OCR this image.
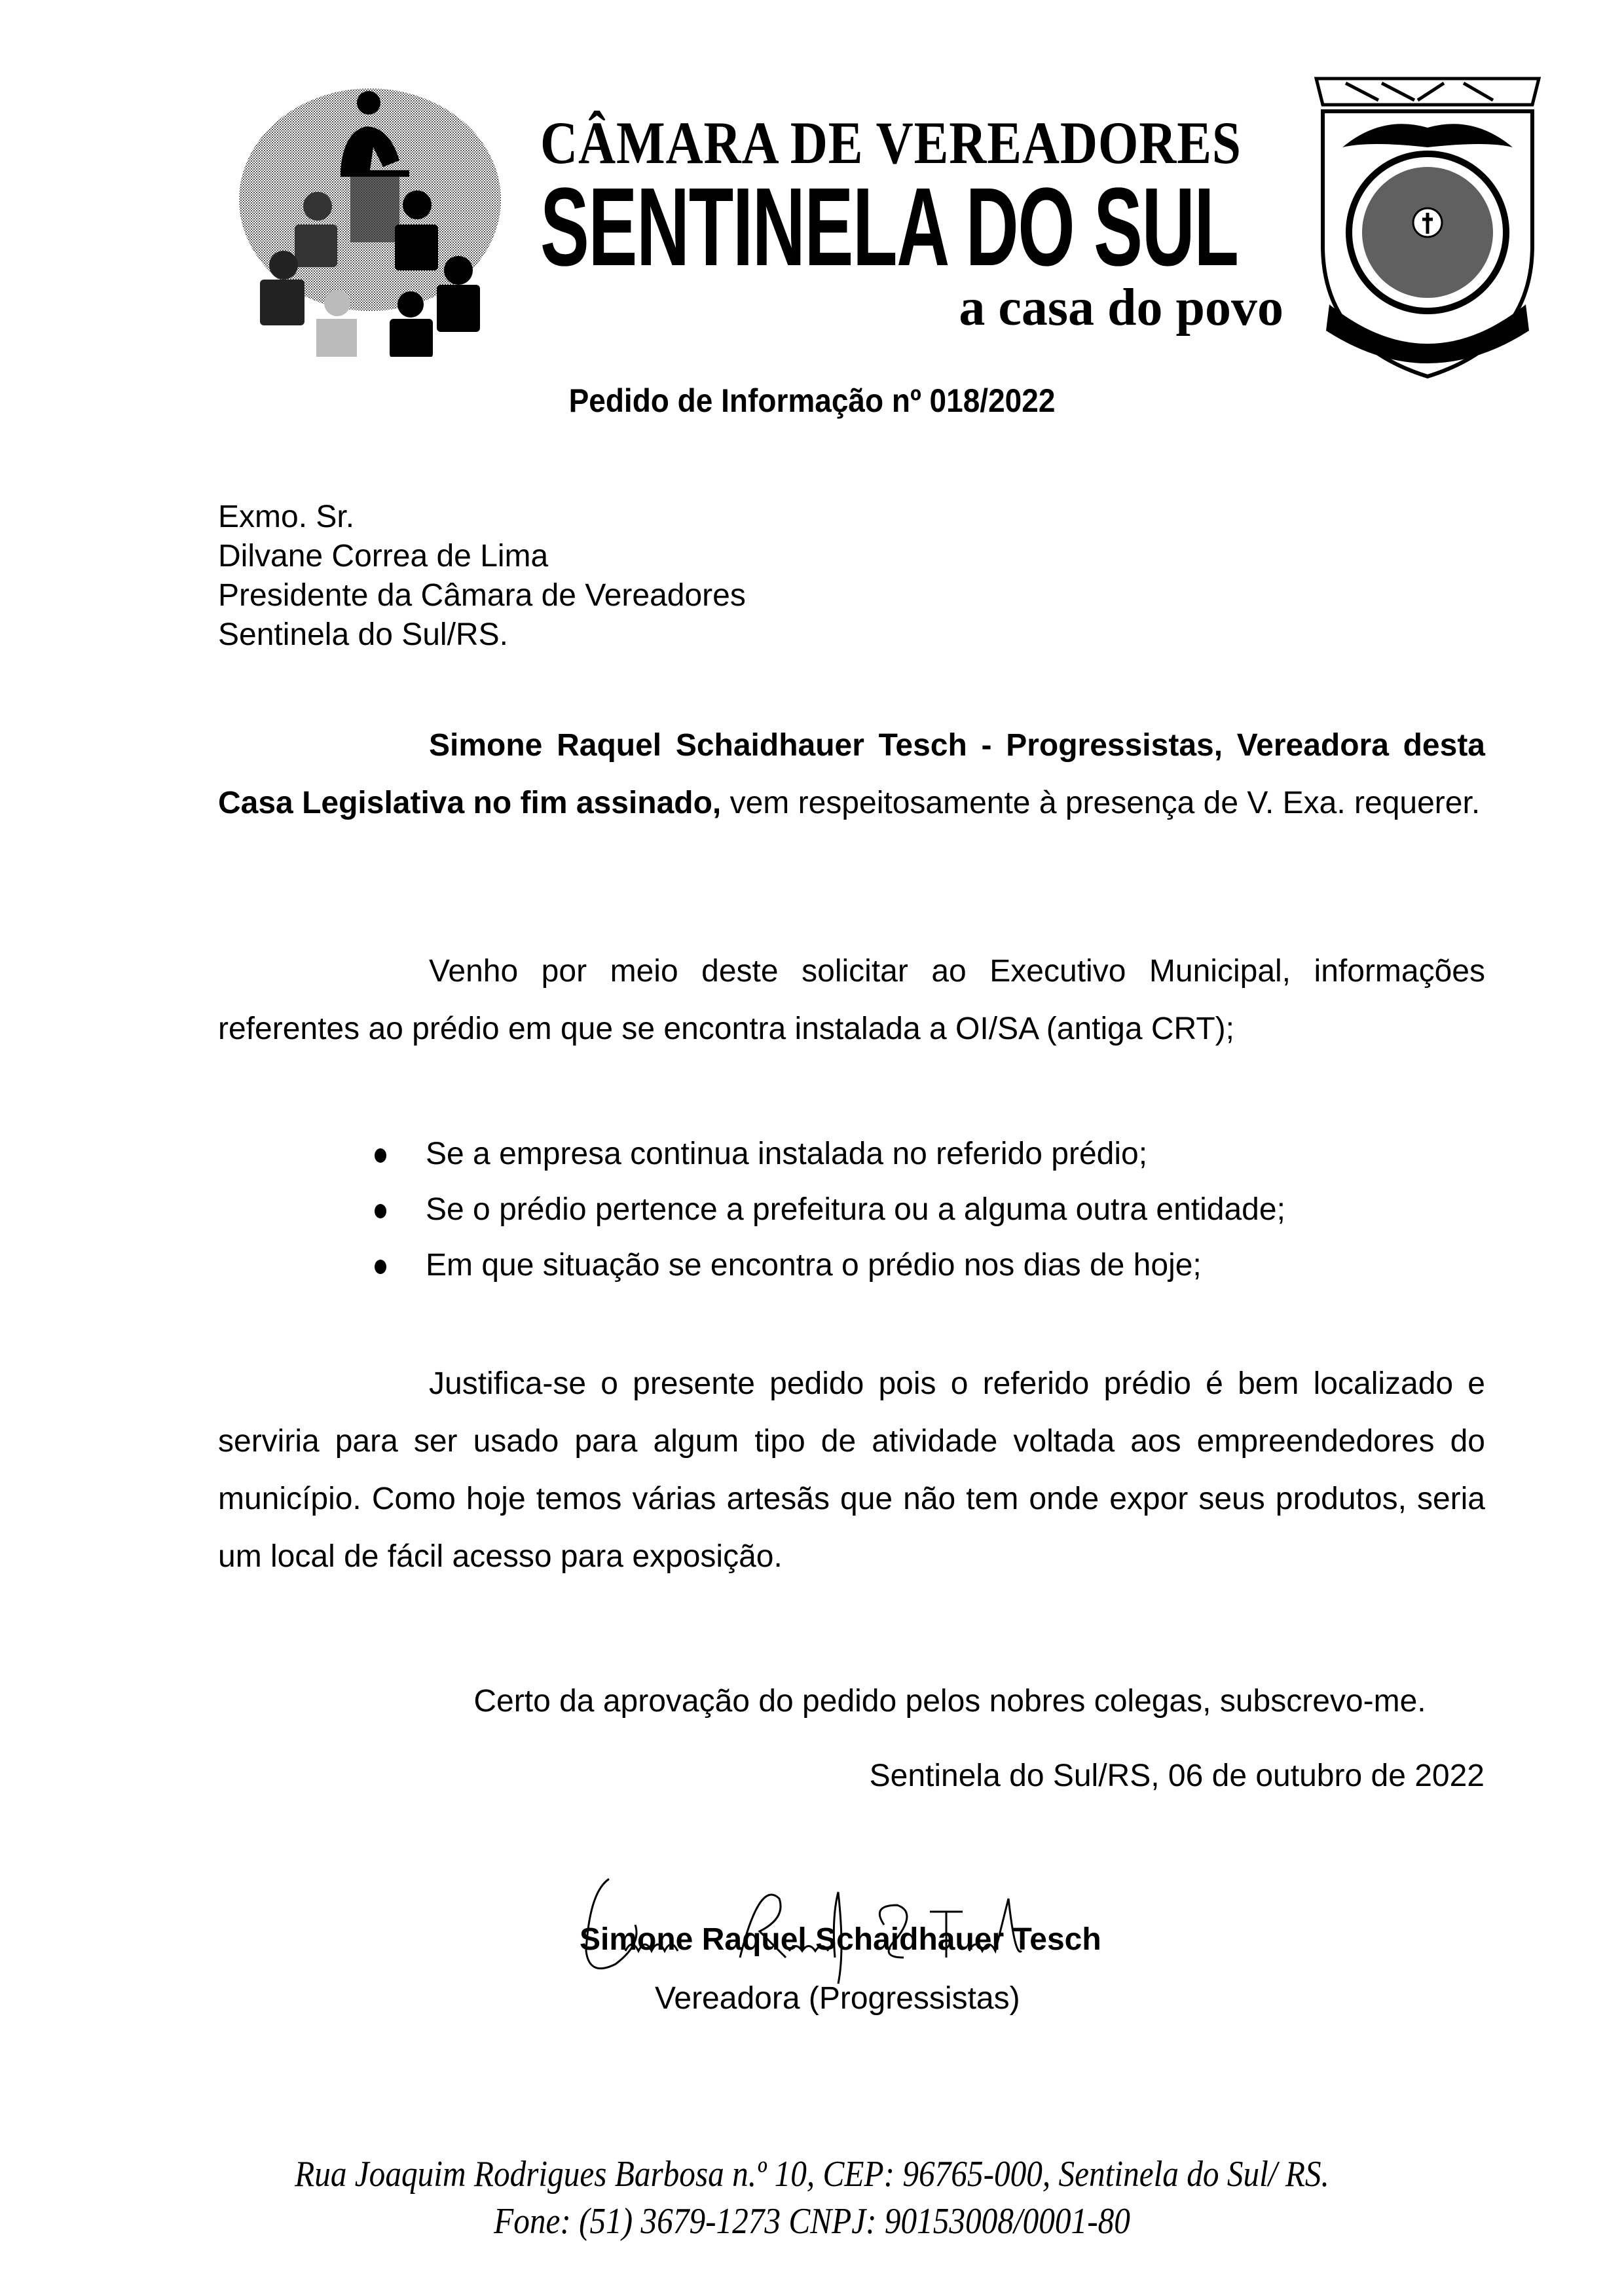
CÂMARA DE VEREADORES
SENTINELA DO SUL
a casa do povo
Pedido de Informação nº 018/2022
Exmo. Sr.
Dilvane Correa de Lima
Presidente da Câmara de Vereadores
Sentinela do Sul/RS.
Simone Raquel Schaidhauer Tesch - Progressistas, Vereadora desta Casa Legislativa no fim assinado, vem respeitosamente à presença de V. Exa. requerer.
Venho por meio deste solicitar ao Executivo Municipal, informações referentes ao prédio em que se encontra instalada a OI/SA (antiga CRT);
Se a empresa continua instalada no referido prédio;
Se o prédio pertence a prefeitura ou a alguma outra entidade;
Em que situação se encontra o prédio nos dias de hoje;
Justifica-se o presente pedido pois o referido prédio é bem localizado e serviria para ser usado para algum tipo de atividade voltada aos empreendedores do município. Como hoje temos várias artesãs que não tem onde expor seus produtos, seria um local de fácil acesso para exposição.
Certo da aprovação do pedido pelos nobres colegas, subscrevo-me.
Sentinela do Sul/RS, 06 de outubro de 2022
Simone Raquel Schaidhauer Tesch
Vereadora (Progressistas)
Rua Joaquim Rodrigues Barbosa n.º 10, CEP: 96765-000, Sentinela do Sul/ RS.
Fone: (51) 3679-1273 CNPJ: 90153008/0001-80
